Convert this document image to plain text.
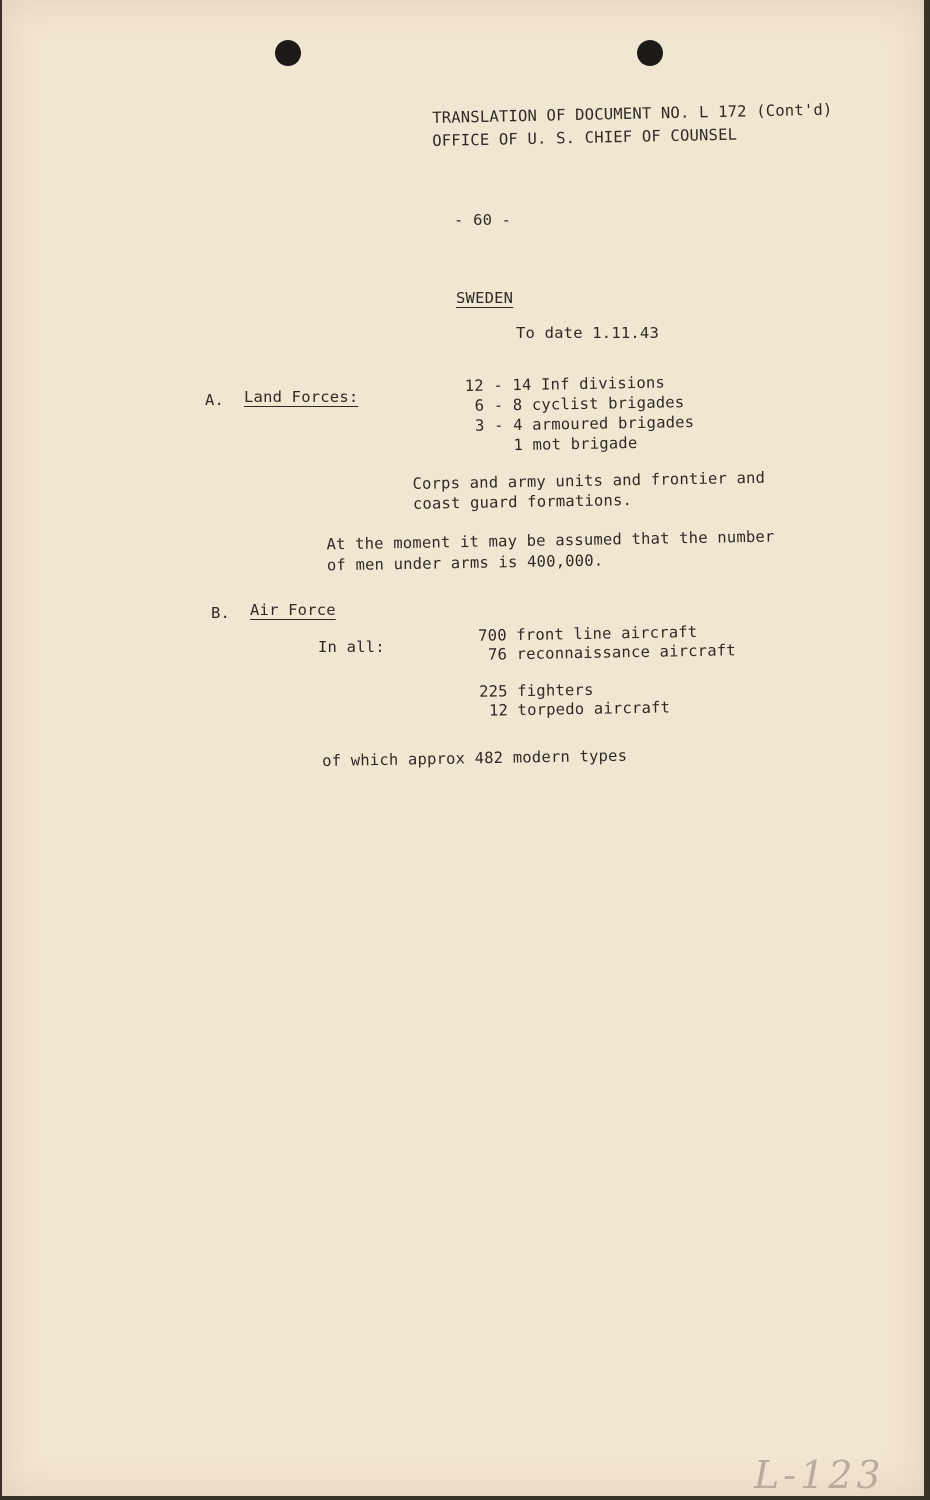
TRANSLATION OF DOCUMENT NO. L 172 (Cont'd)
OFFICE OF U. S. CHIEF OF COUNSEL
- 60 -
SWEDEN
To date 1.11.43
A. Land Forces:
12 - 14 Inf divisions
6 - 8 cyclist brigades
3 - 4 armoured brigades
1 mot brigade
Corps and army units and frontier and
coast guard formations.
At the moment it may be assumed that the number
of men under arms is 400,000.
B. Air Force
In all:
700 front line aircraft
76 reconnaissance aircraft
225 fighters
12 torpedo aircraft
of which approx 482 modern types
L-123
